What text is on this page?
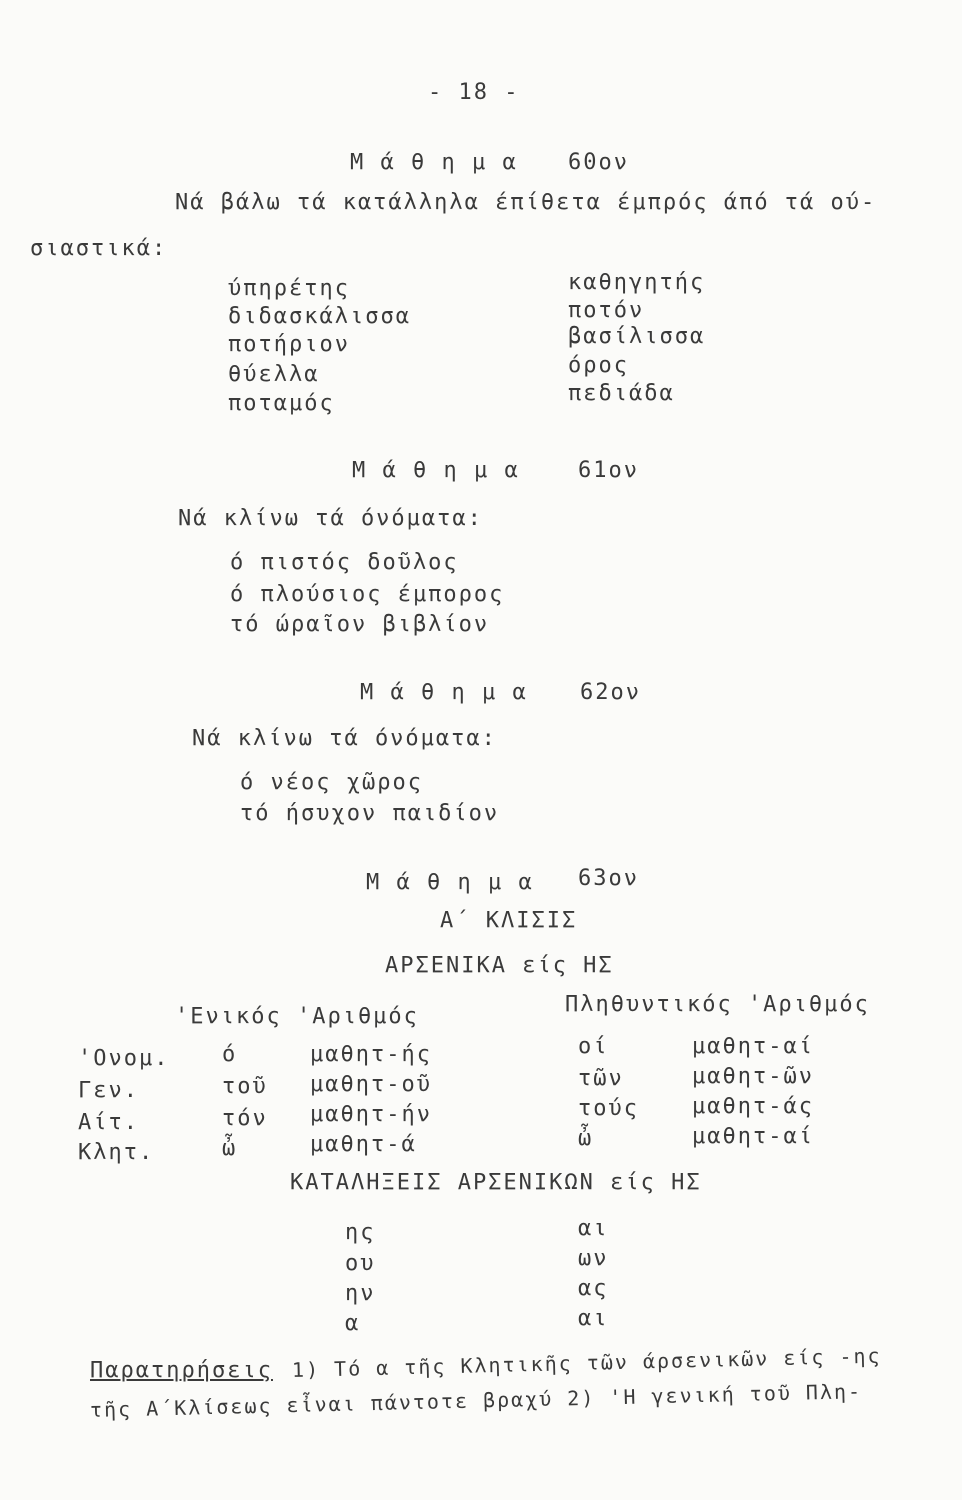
- 18 -
Μ ά θ η μ α 60ον
Νά βάλω τά κατάλληλα έπίθετα έμπρός άπό τά ού-
σιαστικά:
ύπηρέτης
διδασκάλισσα
ποτήριον
θύελλα
ποταμός
καθηγητής
ποτόν
βασίλισσα
όρος
πεδιάδα
Μ ά θ η μ α	61ον
Νά κλίνω τά όνόματα:
ό πιστός δοῦλος
ό πλούσιος έμπορος
τό ώραῖον βιβλίον
Μ ά θ η μ α 62ον
Νά κλίνω τά όνόματα:
ό νέος χῶρος
τό ήσυχον παιδίον
Μ ά θ η μ α 63ον
Α΄ ΚΛΙΣΙΣ
ΑΡΣΕΝΙΚΑ είς ΗΣ
'Ενικός 'Αριθμός	Πληθυντικός 'Αριθμός
'Ονομ.
Γεν.
Αίτ.
Κλητ.
ό
τοῦ
τόν
ὦ
μαθητ-ής
μαθητ-οῦ
μαθητ-ήν
μαθητ-ά
οί
τῶν
τούς
ὦ
μαθητ-αί
μαθητ-ῶν
μαθητ-άς
μαθητ-αί
ΚΑΤΑΛΗΞΕΙΣ ΑΡΣΕΝΙΚΩΝ είς ΗΣ
ης
ου
ην
α
αι
ων
ας
αι
Παρατηρήσεις 1) Τό α τῆς Κλητικῆς τῶν άρσενικῶν είς -ης
τῆς Α΄Κλίσεως εἶναι πάντοτε βραχύ 2) 'Η γενική τοῦ Πλη-
